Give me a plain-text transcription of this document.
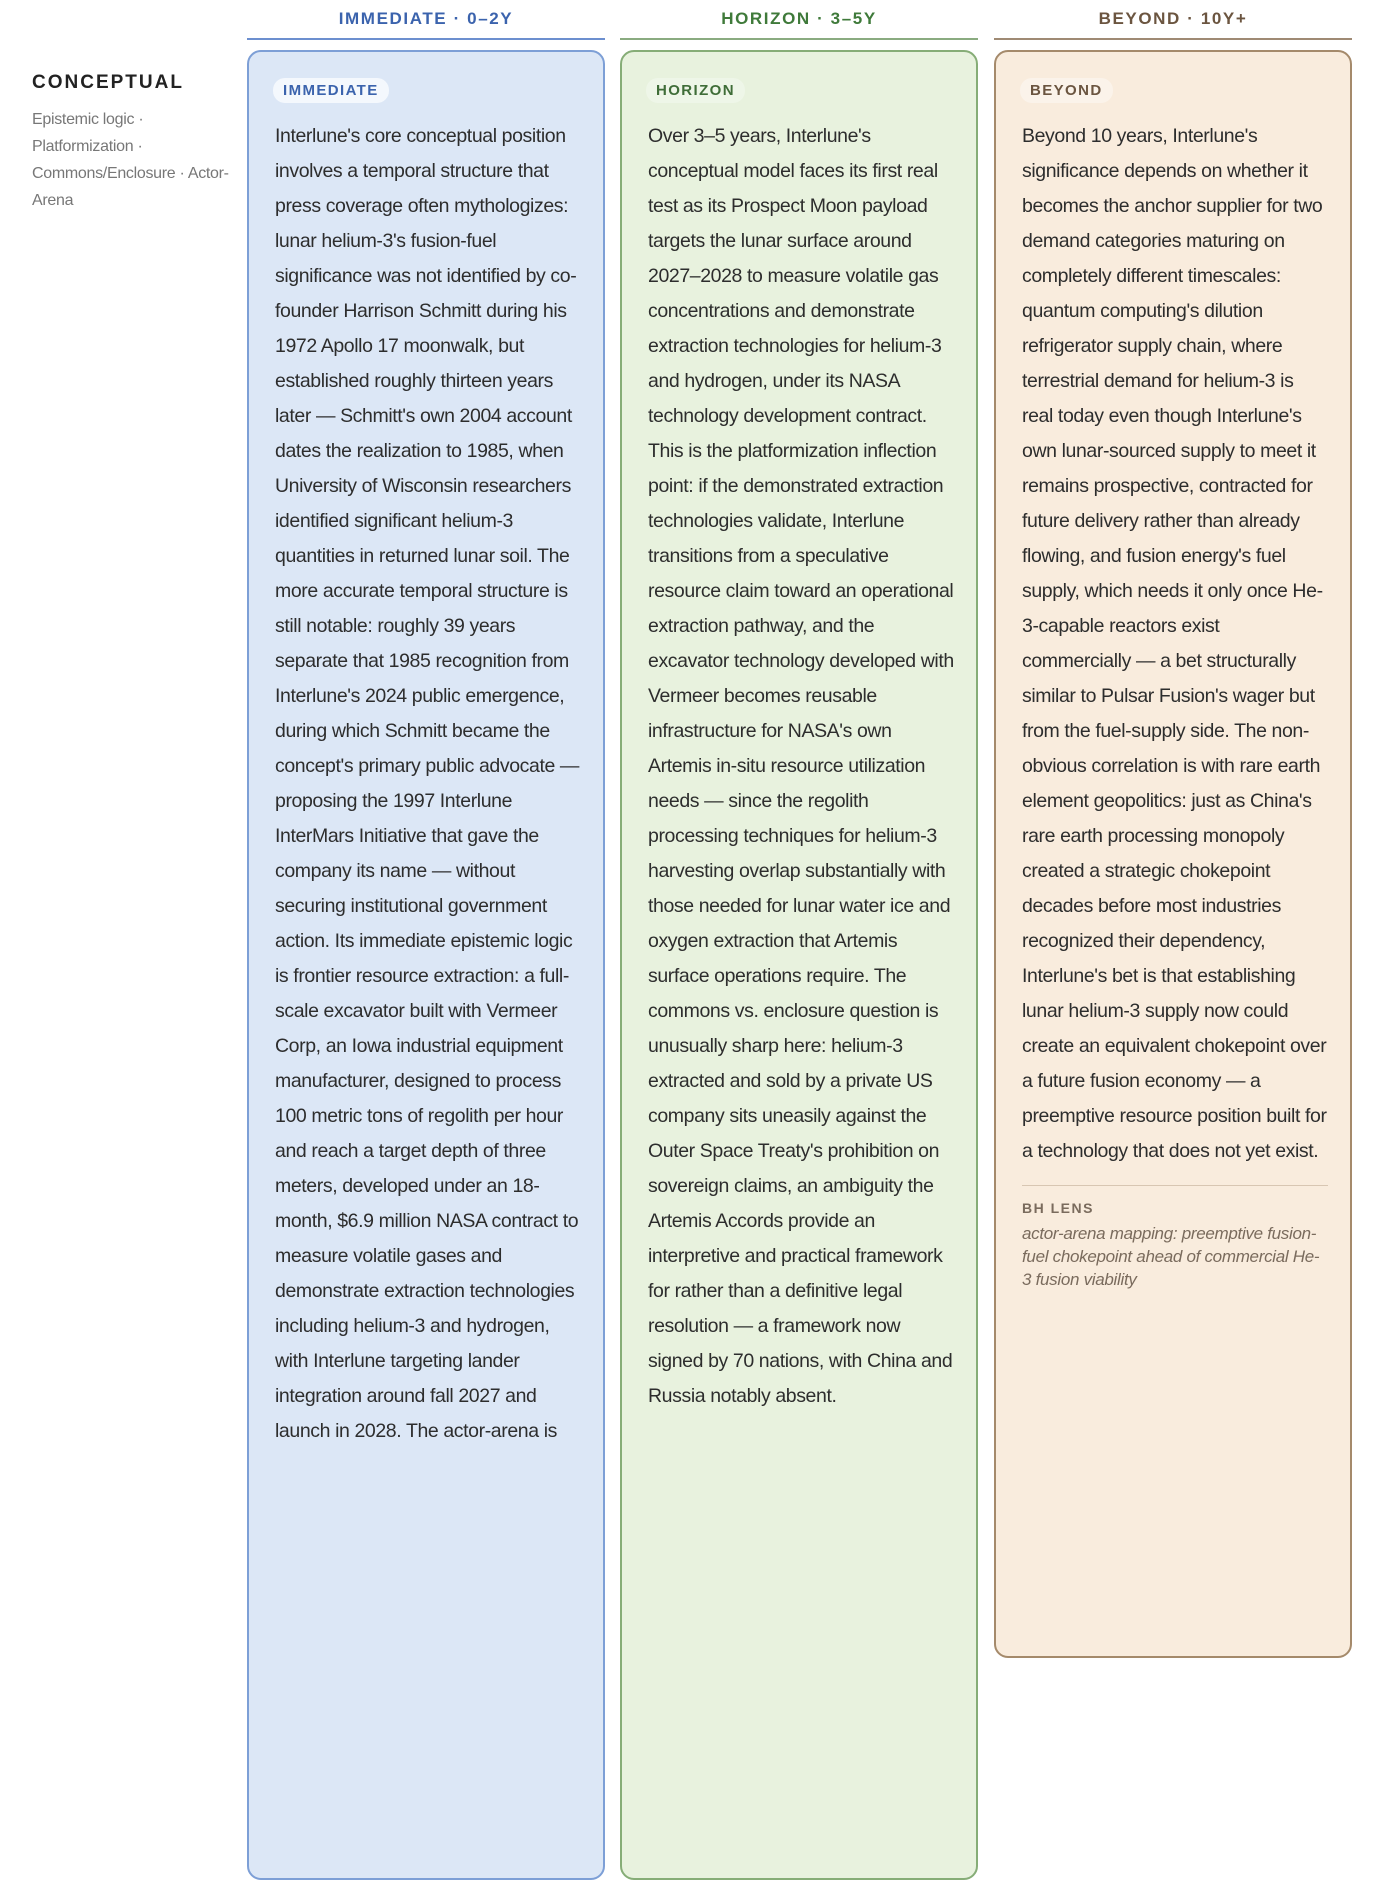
IMMEDIATE · 0–2Y	HORIZON · 3–5Y	BEYOND · 10Y+
CONCEPTUAL
Epistemic logic · Platformization · Commons/Enclosure · Actor-Arena
IMMEDIATE
Interlune's core conceptual position involves a temporal structure that press coverage often mythologizes: lunar helium-3's fusion-fuel significance was not identified by co-founder Harrison Schmitt during his 1972 Apollo 17 moonwalk, but established roughly thirteen years later — Schmitt's own 2004 account dates the realization to 1985, when University of Wisconsin researchers identified significant helium-3 quantities in returned lunar soil. The more accurate temporal structure is still notable: roughly 39 years separate that 1985 recognition from Interlune's 2024 public emergence, during which Schmitt became the concept's primary public advocate — proposing the 1997 Interlune InterMars Initiative that gave the company its name — without securing institutional government action. Its immediate epistemic logic is frontier resource extraction: a full-scale excavator built with Vermeer Corp, an Iowa industrial equipment manufacturer, designed to process 100 metric tons of regolith per hour and reach a target depth of three meters, developed under an 18-month, $6.9 million NASA contract to measure volatile gases and demonstrate extraction technologies including helium-3 and hydrogen, with Interlune targeting lander integration around fall 2027 and launch in 2028. The actor-arena is
HORIZON
Over 3–5 years, Interlune's conceptual model faces its first real test as its Prospect Moon payload targets the lunar surface around 2027–2028 to measure volatile gas concentrations and demonstrate extraction technologies for helium-3 and hydrogen, under its NASA technology development contract. This is the platformization inflection point: if the demonstrated extraction technologies validate, Interlune transitions from a speculative resource claim toward an operational extraction pathway, and the excavator technology developed with Vermeer becomes reusable infrastructure for NASA's own Artemis in-situ resource utilization needs — since the regolith processing techniques for helium-3 harvesting overlap substantially with those needed for lunar water ice and oxygen extraction that Artemis surface operations require. The commons vs. enclosure question is unusually sharp here: helium-3 extracted and sold by a private US company sits uneasily against the Outer Space Treaty's prohibition on sovereign claims, an ambiguity the Artemis Accords provide an interpretive and practical framework for rather than a definitive legal resolution — a framework now signed by 70 nations, with China and Russia notably absent.
BEYOND
Beyond 10 years, Interlune's significance depends on whether it becomes the anchor supplier for two demand categories maturing on completely different timescales: quantum computing's dilution refrigerator supply chain, where terrestrial demand for helium-3 is real today even though Interlune's own lunar-sourced supply to meet it remains prospective, contracted for future delivery rather than already flowing, and fusion energy's fuel supply, which needs it only once He-3-capable reactors exist commercially — a bet structurally similar to Pulsar Fusion's wager but from the fuel-supply side. The non-obvious correlation is with rare earth element geopolitics: just as China's rare earth processing monopoly created a strategic chokepoint decades before most industries recognized their dependency, Interlune's bet is that establishing lunar helium-3 supply now could create an equivalent chokepoint over a future fusion economy — a preemptive resource position built for a technology that does not yet exist.
BH LENS
actor-arena mapping: preemptive fusion-fuel chokepoint ahead of commercial He-3 fusion viability
